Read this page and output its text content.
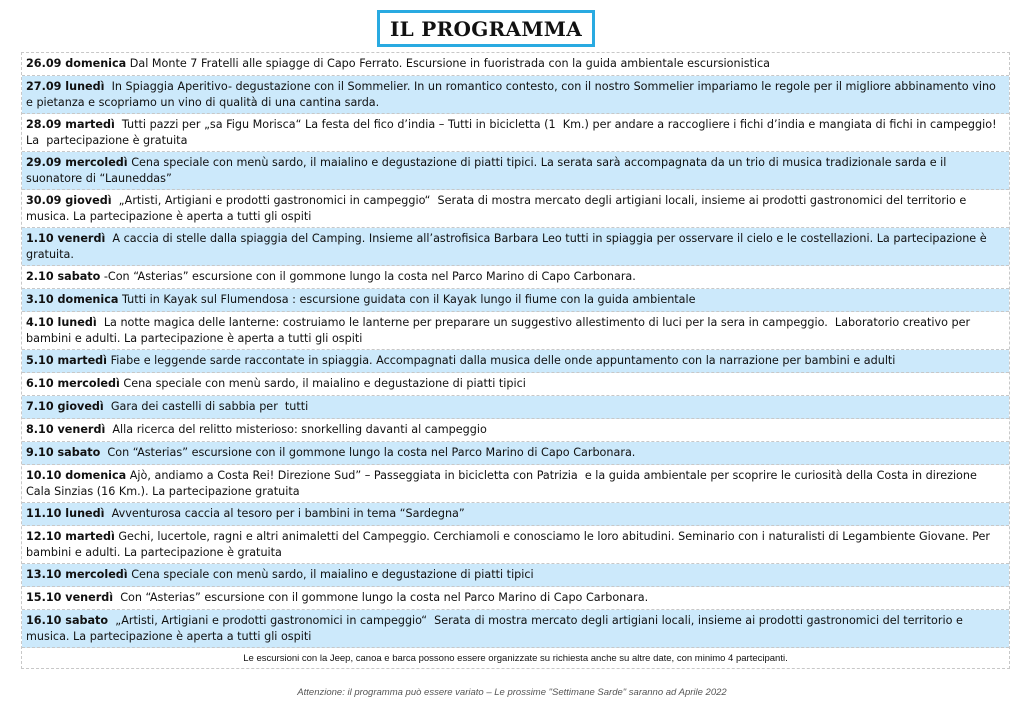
IL PROGRAMMA
26.09 domenica Dal Monte 7 Fratelli alle spiagge di Capo Ferrato. Escursione in fuoristrada con la guida ambientale escursionistica
27.09 lunedì  In Spiaggia Aperitivo- degustazione con il Sommelier. In un romantico contesto, con il nostro Sommelier impariamo le regole per il migliore abbinamento vino e pietanza e scopriamo un vino di qualità di una cantina sarda.
28.09 martedì  Tutti pazzi per „sa Figu Morisca“ La festa del fico d’india – Tutti in bicicletta (1  Km.) per andare a raccogliere i fichi d’india e mangiata di fichi in campeggio! La  partecipazione è gratuita
29.09 mercoledì Cena speciale con menù sardo, il maialino e degustazione di piatti tipici. La serata sarà accompagnata da un trio di musica tradizionale sarda e il suonatore di “Launeddas”
30.09 giovedì  „Artisti, Artigiani e prodotti gastronomici in campeggio“  Serata di mostra mercato degli artigiani locali, insieme ai prodotti gastronomici del territorio e musica. La partecipazione è aperta a tutti gli ospiti
1.10 venerdì  A caccia di stelle dalla spiaggia del Camping. Insieme all’astrofisica Barbara Leo tutti in spiaggia per osservare il cielo e le costellazioni. La partecipazione è gratuita.
2.10 sabato -Con “Asterias” escursione con il gommone lungo la costa nel Parco Marino di Capo Carbonara.
3.10 domenica Tutti in Kayak sul Flumendosa : escursione guidata con il Kayak lungo il fiume con la guida ambientale
4.10 lunedì  La notte magica delle lanterne: costruiamo le lanterne per preparare un suggestivo allestimento di luci per la sera in campeggio.  Laboratorio creativo per bambini e adulti. La partecipazione è aperta a tutti gli ospiti
5.10 martedì Fiabe e leggende sarde raccontate in spiaggia. Accompagnati dalla musica delle onde appuntamento con la narrazione per bambini e adulti
6.10 mercoledì Cena speciale con menù sardo, il maialino e degustazione di piatti tipici
7.10 giovedì  Gara dei castelli di sabbia per  tutti
8.10 venerdì  Alla ricerca del relitto misterioso: snorkelling davanti al campeggio
9.10 sabato  Con “Asterias” escursione con il gommone lungo la costa nel Parco Marino di Capo Carbonara.
10.10 domenica Ajò, andiamo a Costa Rei! Direzione Sud” – Passeggiata in bicicletta con Patrizia  e la guida ambientale per scoprire le curiosità della Costa in direzione Cala Sinzias (16 Km.). La partecipazione gratuita
11.10 lunedì  Avventurosa caccia al tesoro per i bambini in tema “Sardegna”
12.10 martedì Gechi, lucertole, ragni e altri animaletti del Campeggio. Cerchiamoli e conosciamo le loro abitudini. Seminario con i naturalisti di Legambiente Giovane. Per bambini e adulti. La partecipazione è gratuita
13.10 mercoledì Cena speciale con menù sardo, il maialino e degustazione di piatti tipici
15.10 venerdì  Con “Asterias” escursione con il gommone lungo la costa nel Parco Marino di Capo Carbonara.
16.10 sabato  „Artisti, Artigiani e prodotti gastronomici in campeggio“  Serata di mostra mercato degli artigiani locali, insieme ai prodotti gastronomici del territorio e musica. La partecipazione è aperta a tutti gli ospiti
Le escursioni con la Jeep, canoa e barca possono essere organizzate su richiesta anche su altre date, con minimo 4 partecipanti.
Attenzione: il programma può essere variato – Le prossime "Settimane Sarde" saranno ad Aprile 2022
